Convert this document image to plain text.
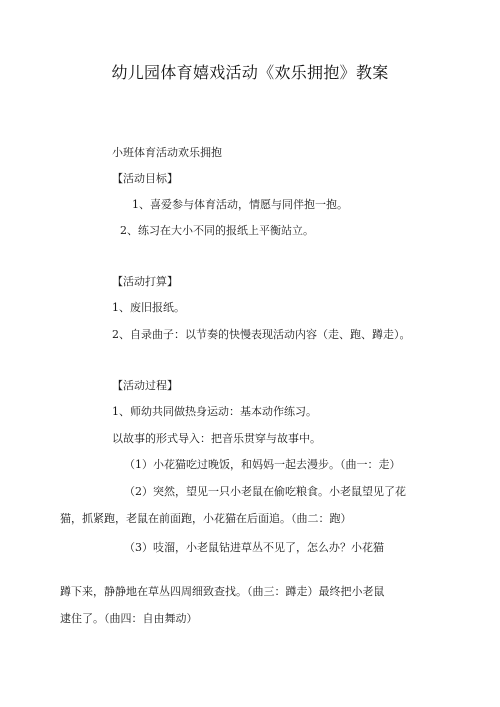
幼儿园体育嬉戏活动《欢乐拥抱》教案
小班体育活动欢乐拥抱
【活动目标】
1、喜爱参与体育活动，情愿与同伴抱一抱。
2、练习在大小不同的报纸上平衡站立。
【活动打算】
1、废旧报纸。
2、自录曲子：以节奏的快慢表现活动内容（走、跑、蹲走）。
【活动过程】
1、师幼共同做热身运动：基本动作练习。
以故事的形式导入：把音乐贯穿与故事中。
（1）小花猫吃过晚饭，和妈妈一起去漫步。（曲一：走）
（2）突然，望见一只小老鼠在偷吃粮食。小老鼠望见了花
猫，抓紧跑，老鼠在前面跑，小花猫在后面追。（曲二：跑）
（3）吱溜，小老鼠钻进草丛不见了，怎么办？小花猫
蹲下来，静静地在草丛四周细致查找。（曲三：蹲走）最终把小老鼠
逮住了。（曲四：自由舞动）
